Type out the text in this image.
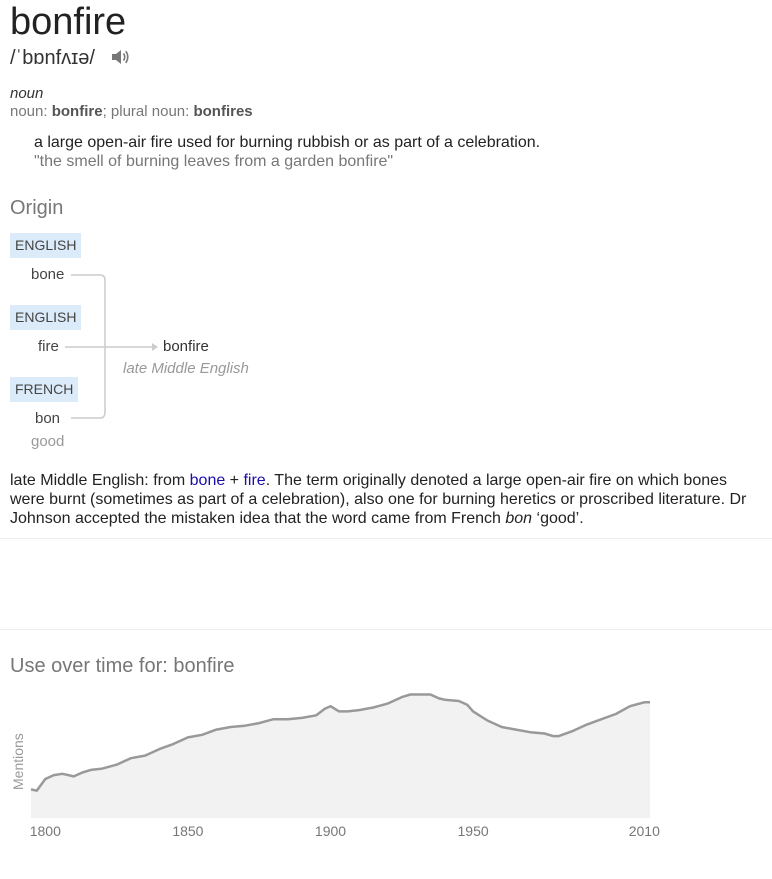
bonfire
/ˈbɒnfʌɪə/
noun
noun: bonfire; plural noun: bonfires
a large open-air fire used for burning rubbish or as part of a celebration.
"the smell of burning leaves from a garden bonfire"
Origin
ENGLISH
bone
ENGLISH
fire
FRENCH
bon
good
bonfire
late Middle English
late Middle English: from bone + fire. The term originally denoted a large open-air fire on which bones were burnt (sometimes as part of a celebration), also one for burning heretics or proscribed literature. Dr Johnson accepted the mistaken idea that the word came from French bon ‘good’.
Use over time for: bonfire
Mentions
1800	1850	1900	1950	2010
